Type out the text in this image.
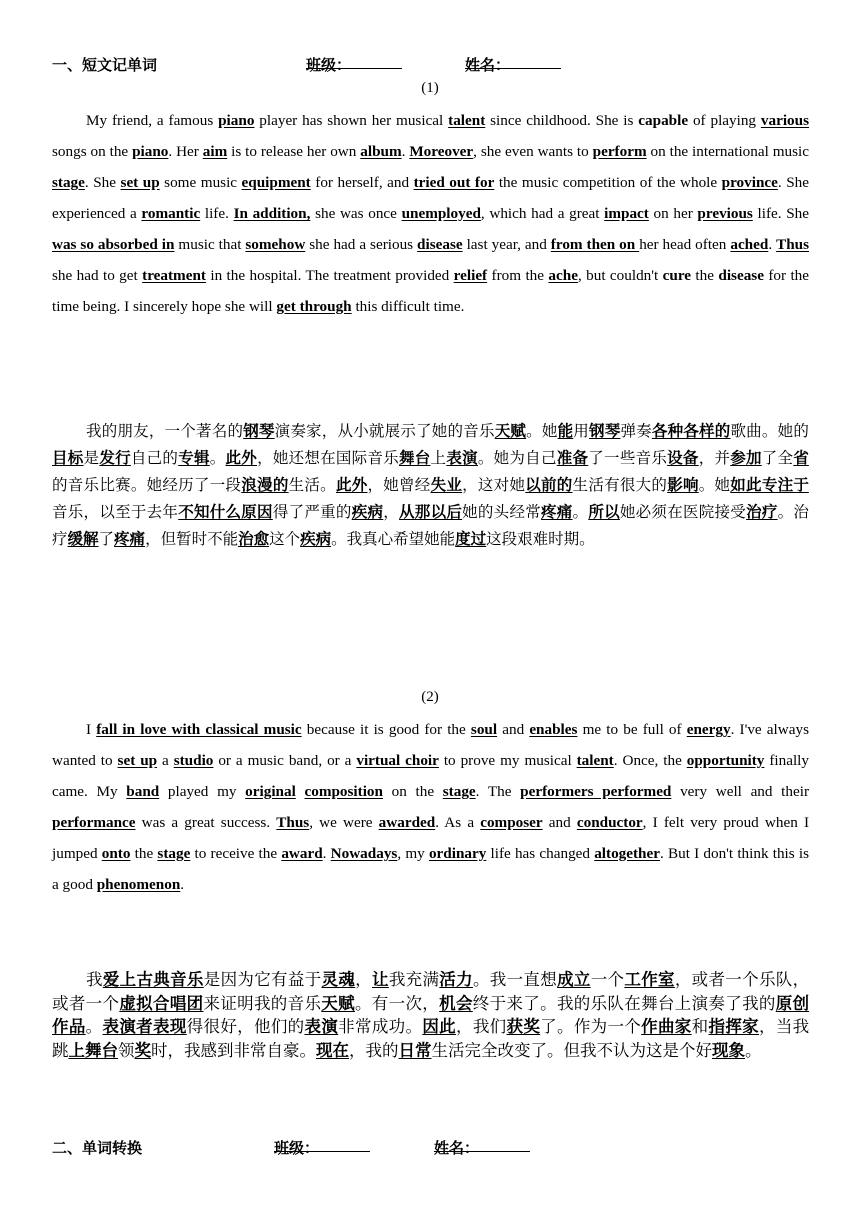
一、短文记单词	班级：	姓名：
(1)

My friend, a famous piano player has shown her musical talent since childhood. She is capable of playing various songs on the piano. Her aim is to release her own album. Moreover, she even wants to perform on the international music stage. She set up some music equipment for herself, and tried out for the music competition of the whole province. She experienced a romantic life. In addition, she was once unemployed, which had a great impact on her previous life. She was so absorbed in music that somehow she had a serious disease last year, and from then on her head often ached. Thus she had to get treatment in the hospital. The treatment provided relief from the ache, but couldn't cure the disease for the time being. I sincerely hope she will get through this difficult time.

我的朋友，一个著名的钢琴演奏家，从小就展示了她的音乐天赋。她能用钢琴弹奏各种各样的歌曲。她的目标是发行自己的专辑。此外，她还想在国际音乐舞台上表演。她为自己准备了一些音乐设备，并参加了全省的音乐比赛。她经历了一段浪漫的生活。此外，她曾经失业，这对她以前的生活有很大的影响。她如此专注于音乐，以至于去年不知什么原因得了严重的疾病，从那以后她的头经常疼痛。所以她必须在医院接受治疗。治疗缓解了疼痛，但暂时不能治愈这个疾病。我真心希望她能度过这段艰难时期。

(2)

I fall in love with classical music because it is good for the soul and enables me to be full of energy. I've always wanted to set up a studio or a music band, or a virtual choir to prove my musical talent. Once, the opportunity finally came. My band played my original composition on the stage. The performers performed very well and their performance was a great success. Thus, we were awarded. As a composer and conductor, I felt very proud when I jumped onto the stage to receive the award. Nowadays, my ordinary life has changed altogether. But I don't think this is a good phenomenon.

我爱上古典音乐是因为它有益于灵魂，让我充满活力。我一直想成立一个工作室，或者一个乐队，或者一个虚拟合唱团来证明我的音乐天赋。有一次，机会终于来了。我的乐队在舞台上演奏了我的原创作品。表演者表现得很好，他们的表演非常成功。因此，我们获奖了。作为一个作曲家和指挥家，当我跳上舞台领奖时，我感到非常自豪。现在，我的日常生活完全改变了。但我不认为这是个好现象。

二、单词转换	班级：	姓名：
